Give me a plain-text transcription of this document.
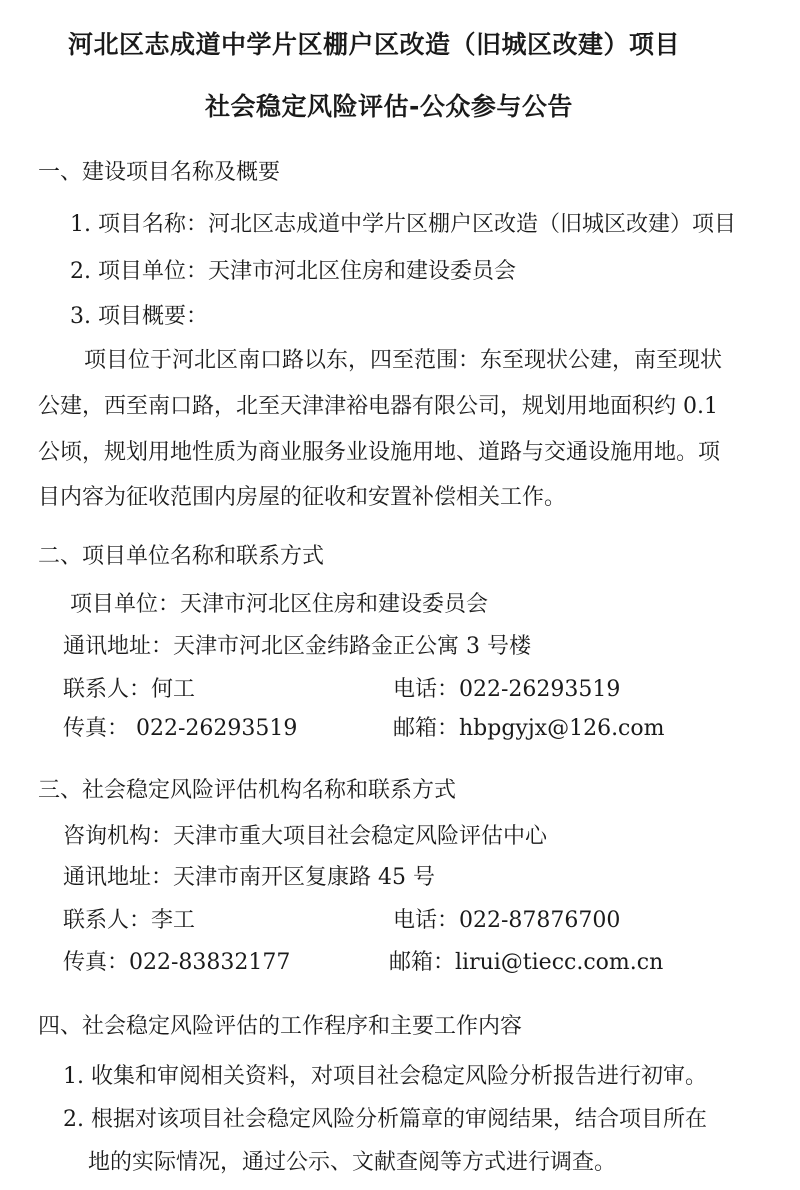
河北区志成道中学片区棚户区改造（旧城区改建）项目
社会稳定风险评估-公众参与公告
一、建设项目名称及概要
1. 项目名称：河北区志成道中学片区棚户区改造（旧城区改建）项目
2. 项目单位：天津市河北区住房和建设委员会
3. 项目概要：
项目位于河北区南口路以东，四至范围：东至现状公建，南至现状
公建，西至南口路，北至天津津裕电器有限公司，规划用地面积约 0.1
公顷，规划用地性质为商业服务业设施用地、道路与交通设施用地。项
目内容为征收范围内房屋的征收和安置补偿相关工作。
二、项目单位名称和联系方式
项目单位：天津市河北区住房和建设委员会
通讯地址：天津市河北区金纬路金正公寓 3 号楼
联系人：何工	电话：022-26293519
传真： 022-26293519	邮箱：hbpgyjx@126.com
三、社会稳定风险评估机构名称和联系方式
咨询机构：天津市重大项目社会稳定风险评估中心
通讯地址：天津市南开区复康路 45 号
联系人：李工	电话：022-87876700
传真：022-83832177	邮箱：lirui@tiecc.com.cn
四、社会稳定风险评估的工作程序和主要工作内容
1. 收集和审阅相关资料，对项目社会稳定风险分析报告进行初审。
2. 根据对该项目社会稳定风险分析篇章的审阅结果，结合项目所在
地的实际情况，通过公示、文献查阅等方式进行调查。
